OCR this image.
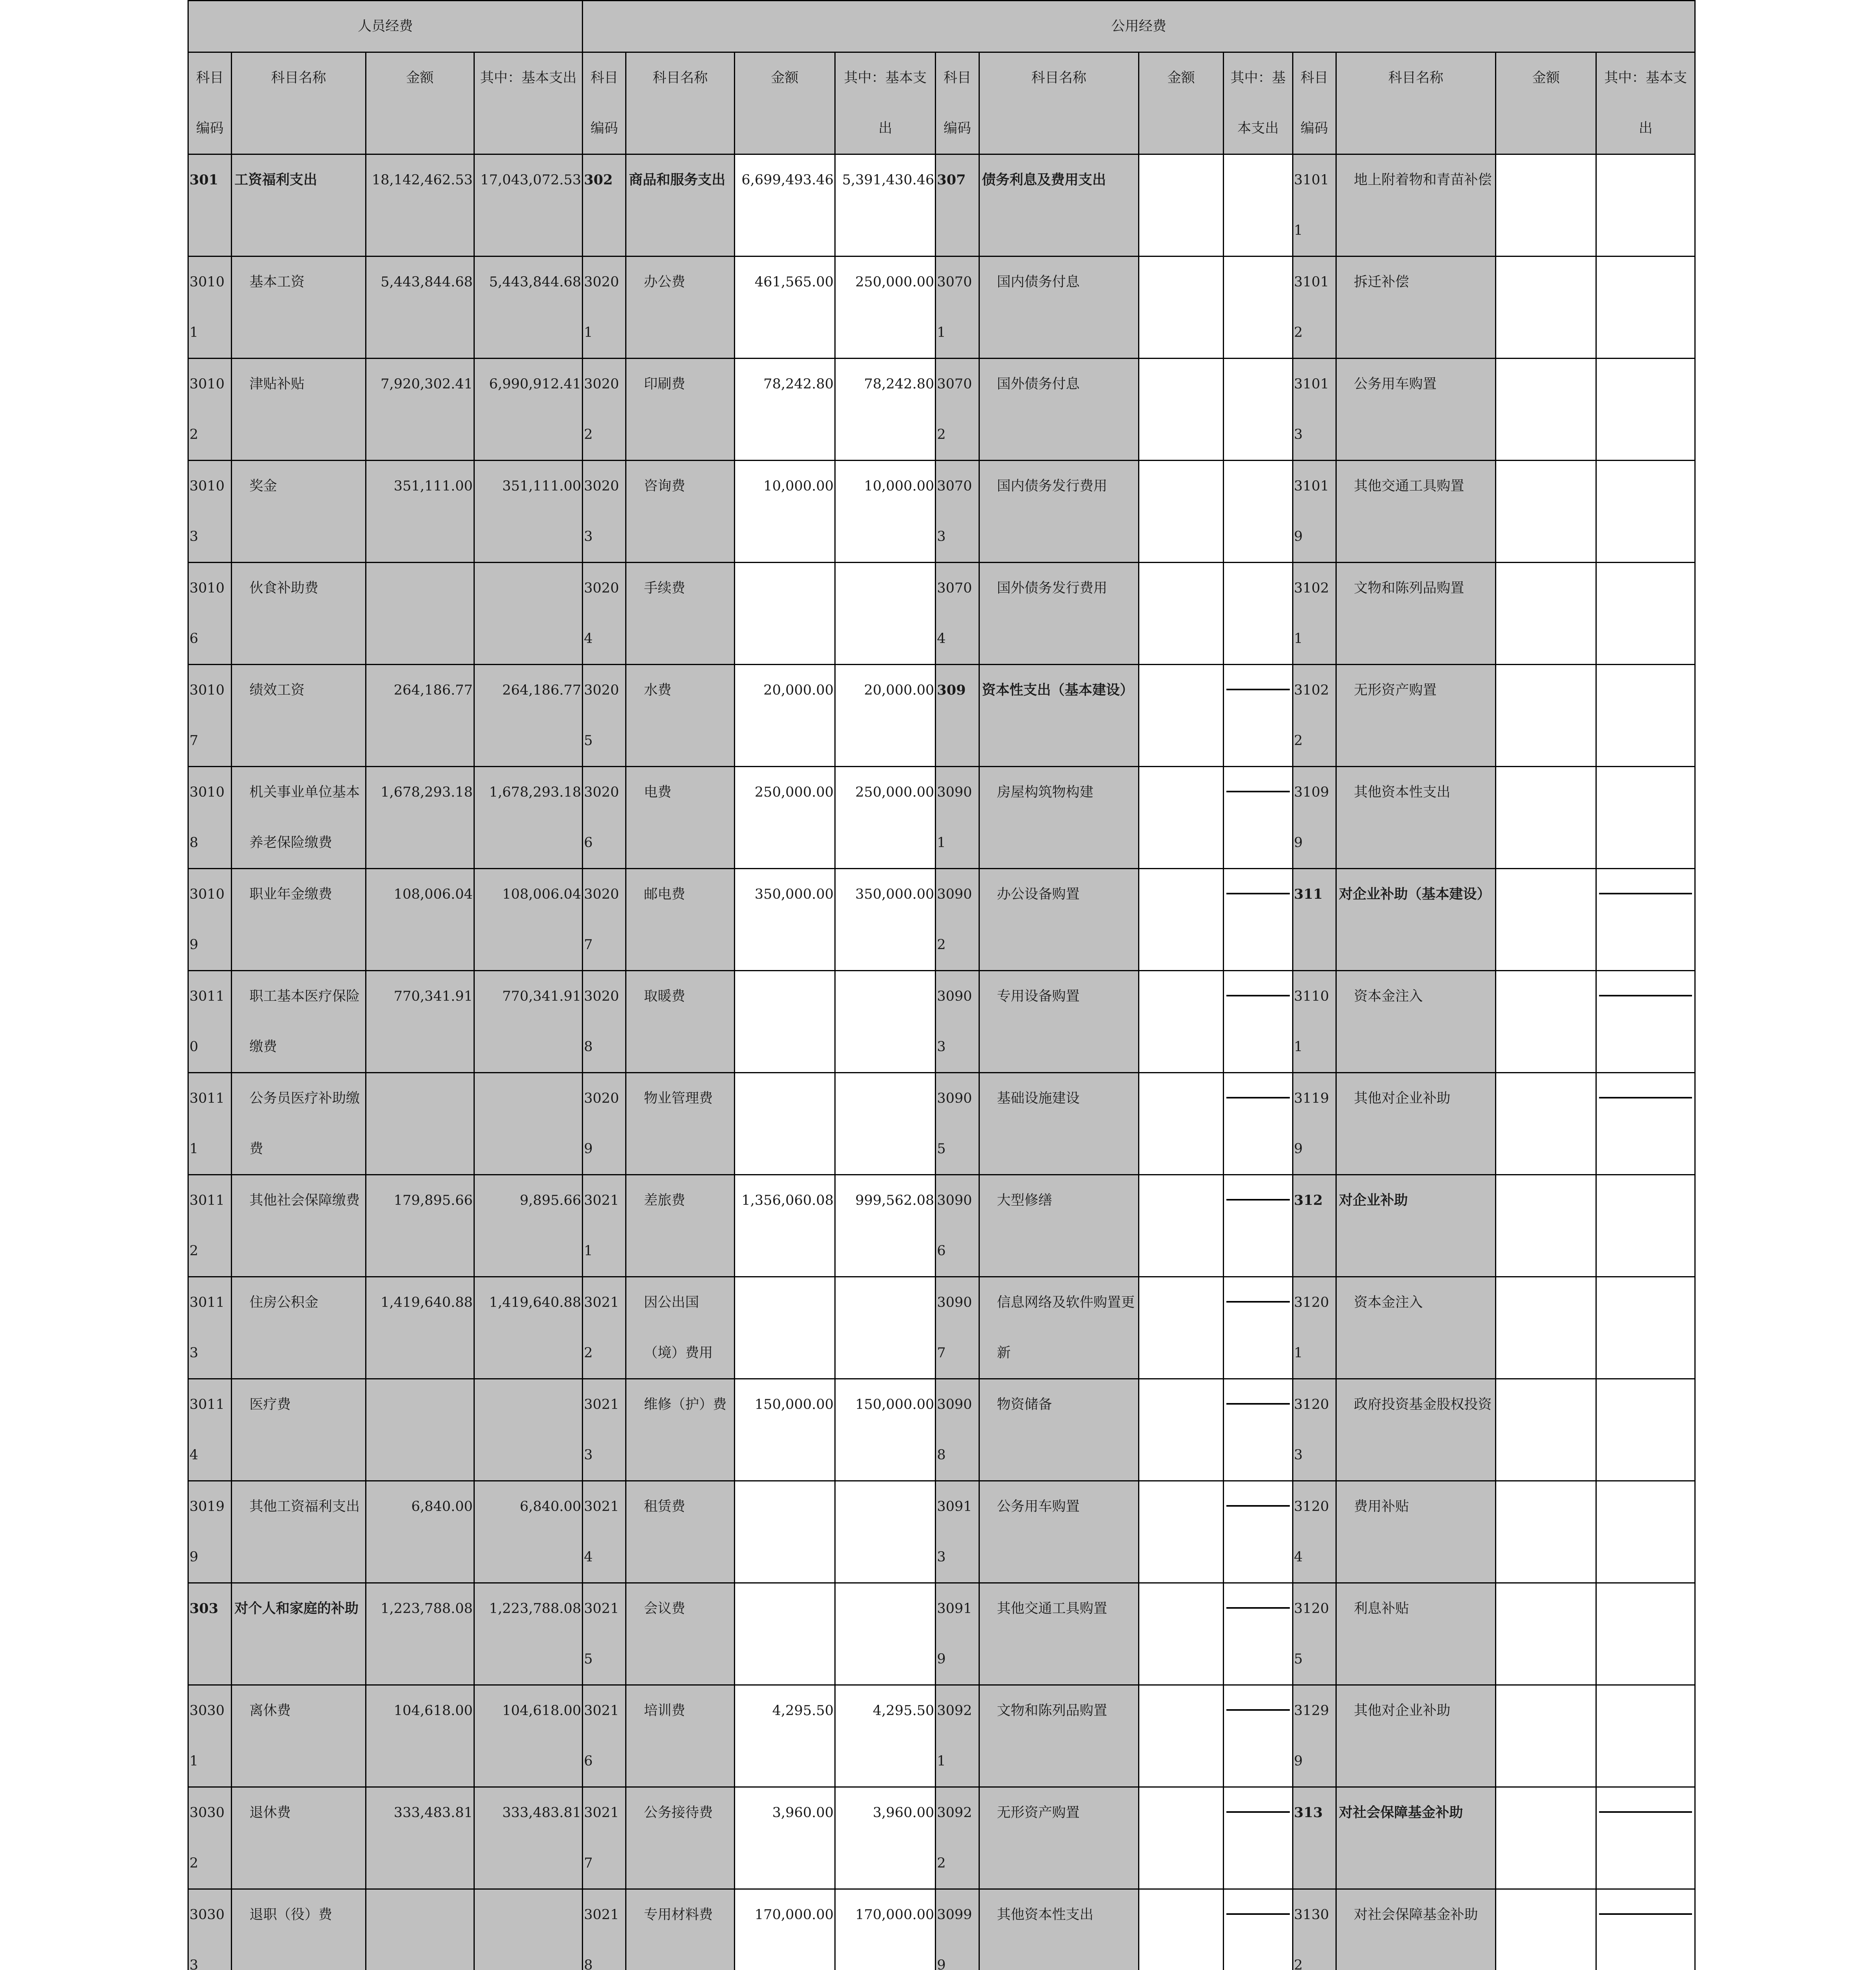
人员经费				公用经费											
科目编码	科目名称	金额	其中：基本支出	科目编码	科目名称	金额	其中：基本支出	科目编码	科目名称	金额	其中：基本支出	科目编码	科目名称	金额	其中：基本支出
301	工资福利支出	18,142,462.53	17,043,072.53	302	商品和服务支出	6,699,493.46	5,391,430.46	307	债务利息及费用支出			31011	地上附着物和青苗补偿		
30101	基本工资	5,443,844.68	5,443,844.68	30201	办公费	461,565.00	250,000.00	30701	国内债务付息			31012	拆迁补偿		
30102	津贴补贴	7,920,302.41	6,990,912.41	30202	印刷费	78,242.80	78,242.80	30702	国外债务付息			31013	公务用车购置		
30103	奖金	351,111.00	351,111.00	30203	咨询费	10,000.00	10,000.00	30703	国内债务发行费用			31019	其他交通工具购置		
30106	伙食补助费			30204	手续费			30704	国外债务发行费用			31021	文物和陈列品购置		
30107	绩效工资	264,186.77	264,186.77	30205	水费	20,000.00	20,000.00	309	资本性支出（基本建设）			31022	无形资产购置		
30108	机关事业单位基本养老保险缴费	1,678,293.18	1,678,293.18	30206	电费	250,000.00	250,000.00	30901	房屋构筑物构建			31099	其他资本性支出		
30109	职业年金缴费	108,006.04	108,006.04	30207	邮电费	350,000.00	350,000.00	30902	办公设备购置			311	对企业补助（基本建设）		

30110	职工基本医疗保险缴费	770,341.91	770,341.91	30208	取暖费			30903	专用设备购置			31101	资本金注入		

30111	公务员医疗补助缴费			30209	物业管理费			30905	基础设施建设			31199	其他对企业补助		

30112	其他社会保障缴费	179,895.66	9,895.66	30211	差旅费	1,356,060.08	999,562.08	30906	大型修缮			312	对企业补助		
30113	住房公积金	1,419,640.88	1,419,640.88	30212	因公出国（境）费用			30907	信息网络及软件购置更新			31201	资本金注入		
30114	医疗费			30213	维修（护）费	150,000.00	150,000.00	30908	物资储备			31203	政府投资基金股权投资		
30199	其他工资福利支出	6,840.00	6,840.00	30214	租赁费			30913	公务用车购置			31204	费用补贴		
303	对个人和家庭的补助	1,223,788.08	1,223,788.08	30215	会议费			30919	其他交通工具购置			31205	利息补贴		
30301	离休费	104,618.00	104,618.00	30216	培训费	4,295.50	4,295.50	30921	文物和陈列品购置			31299	其他对企业补助		
30302	退休费	333,483.81	333,483.81	30217	公务接待费	3,960.00	3,960.00	30922	无形资产购置			313	对社会保障基金补助		

30303	退职（役）费			30218	专用材料费	170,000.00	170,000.00	30999	其他资本性支出			31302	对社会保障基金补助		
